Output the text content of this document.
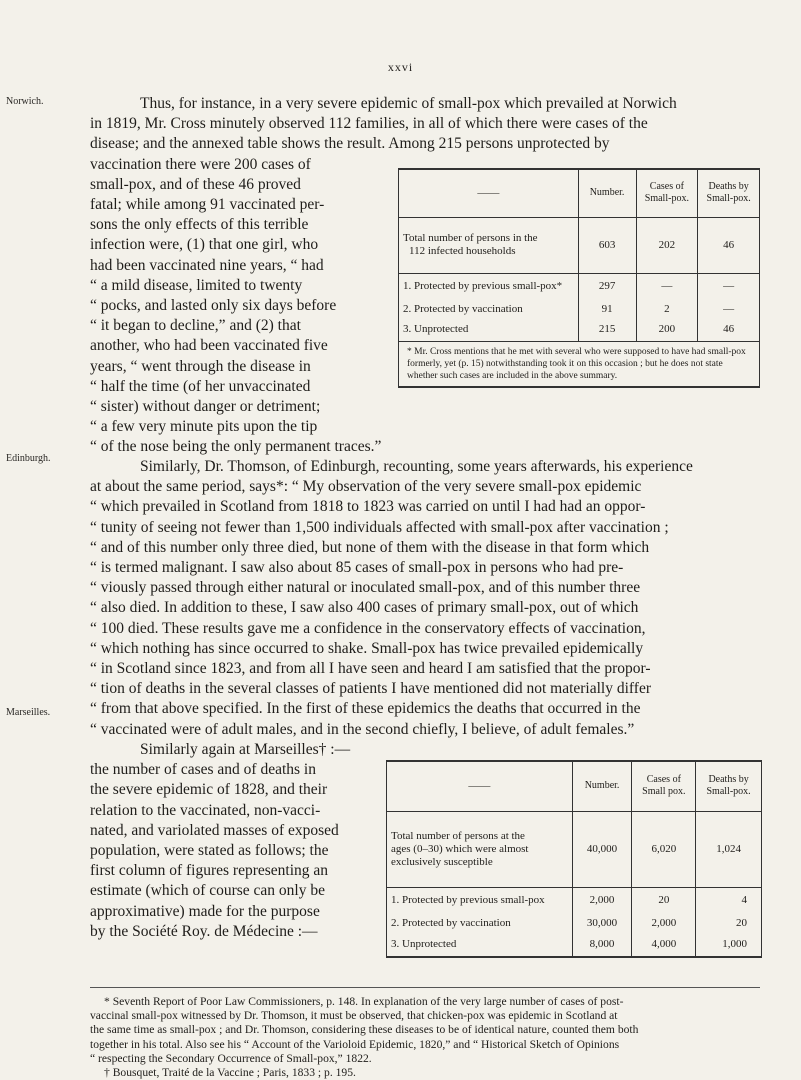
xxvi
Norwich.
Edinburgh.
Marseilles.
Thus, for instance, in a very severe epidemic of small-pox which prevailed at Norwich
in 1819, Mr. Cross minutely observed 112 families, in all of which there were cases of the
disease; and the annexed table shows the result. Among 215 persons unprotected by
vaccination there were 200 cases of
small-pox, and of these 46 proved
fatal; while among 91 vaccinated per-
sons the only effects of this terrible
infection were, (1) that one girl, who
had been vaccinated nine years, “ had
“ a mild disease, limited to twenty
“ pocks, and lasted only six days before
“ it began to decline,” and (2) that
another, who had been vaccinated five
years, “ went through the disease in
“ half the time (of her unvaccinated
“ sister) without danger or detriment;
“ a few very minute pits upon the tip
“ of the nose being the only permanent traces.”
——	Number.	Cases of Small-pox.	Deaths by Small-pox.

Total number of persons in the
112 infected households	603	202	46
1. Protected by previous small-pox*	297	—	—
2. Protected by vaccination	91	2	—
3. Unprotected	215	200	46
* Mr. Cross mentions that he met with several who were supposed to have had small-pox formerly, yet (p. 15) notwithstanding took it on this occasion ; but he does not state whether such cases are included in the above summary.			
Similarly, Dr. Thomson, of Edinburgh, recounting, some years afterwards, his experience
at about the same period, says*: “ My observation of the very severe small-pox epidemic
“ which prevailed in Scotland from 1818 to 1823 was carried on until I had had an oppor-
“ tunity of seeing not fewer than 1,500 individuals affected with small-pox after vaccination ;
“ and of this number only three died, but none of them with the disease in that form which
“ is termed malignant. I saw also about 85 cases of small-pox in persons who had pre-
“ viously passed through either natural or inoculated small-pox, and of this number three
“ also died. In addition to these, I saw also 400 cases of primary small-pox, out of which
“ 100 died. These results gave me a confidence in the conservatory effects of vaccination,
“ which nothing has since occurred to shake. Small-pox has twice prevailed epidemically
“ in Scotland since 1823, and from all I have seen and heard I am satisfied that the propor-
“ tion of deaths in the several classes of patients I have mentioned did not materially differ
“ from that above specified. In the first of these epidemics the deaths that occurred in the
“ vaccinated were of adult males, and in the second chiefly, I believe, of adult females.”
Similarly again at Marseilles† :—
the number of cases and of deaths in
the severe epidemic of 1828, and their
relation to the vaccinated, non-vacci-
nated, and variolated masses of exposed
population, were stated as follows; the
first column of figures representing an
estimate (which of course can only be
approximative) made for the purpose
by the Société Roy. de Médecine :—
——	Number.	Cases of Small pox.	Deaths by Small-pox.

Total number of persons at the
ages (0–30) which were almost
exclusively susceptible	40,000	6,020	1,024
1. Protected by previous small-pox	2,000	20	4
2. Protected by vaccination	30,000	2,000	20
3. Unprotected	8,000	4,000	1,000
* Seventh Report of Poor Law Commissioners, p. 148. In explanation of the very large number of cases of post-
vaccinal small-pox witnessed by Dr. Thomson, it must be observed, that chicken-pox was epidemic in Scotland at
the same time as small-pox ; and Dr. Thomson, considering these diseases to be of identical nature, counted them both
together in his total. Also see his “ Account of the Varioloid Epidemic, 1820,” and “ Historical Sketch of Opinions
“ respecting the Secondary Occurrence of Small-pox,” 1822.
† Bousquet, Traité de la Vaccine ; Paris, 1833 ; p. 195.
